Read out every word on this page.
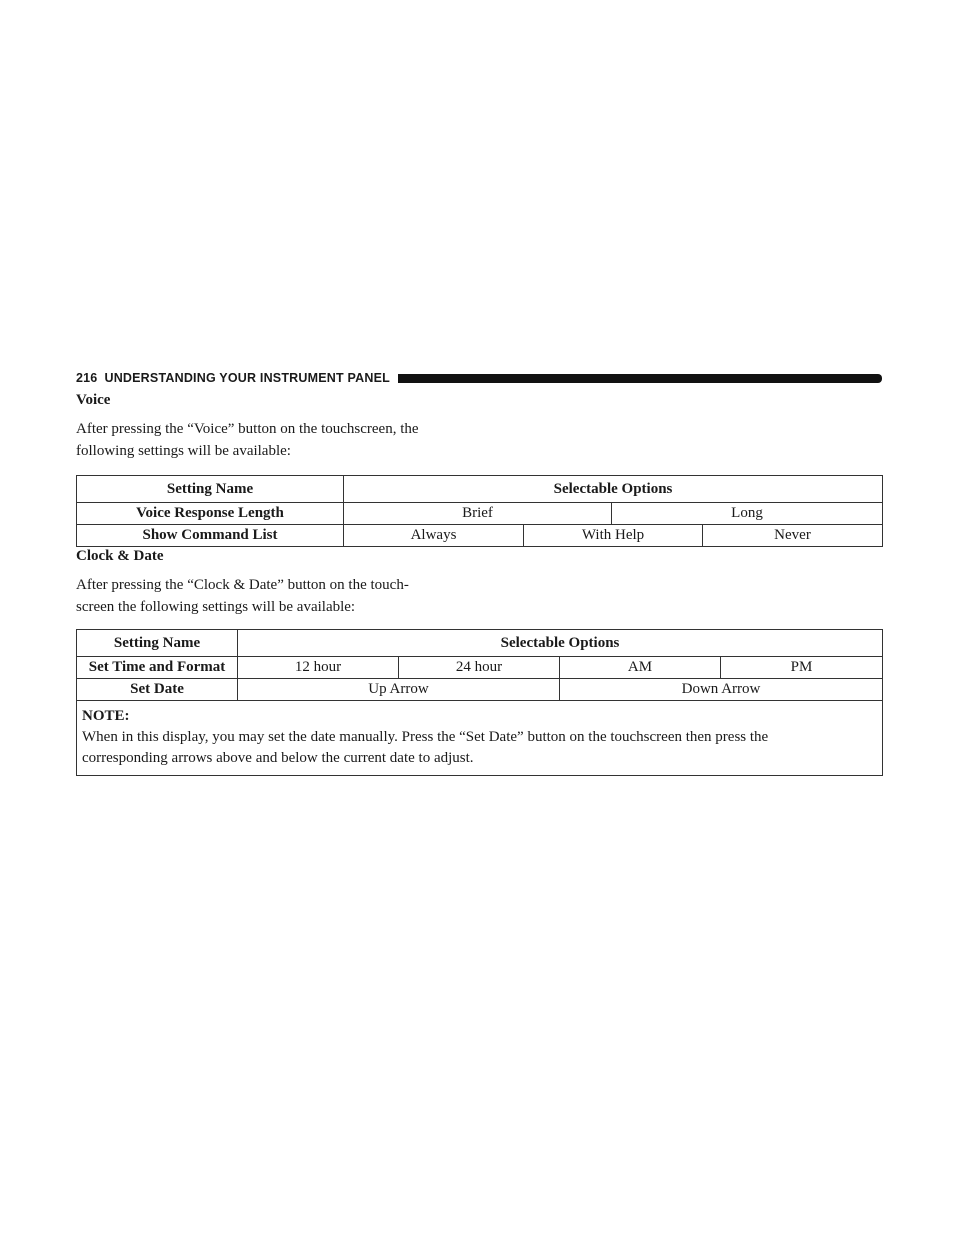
216 UNDERSTANDING YOUR INSTRUMENT PANEL
Voice
After pressing the “Voice” button on the touchscreen, the
following settings will be available:
Setting Name	Selectable Options			
Voice Response Length	Brief		Long	
Show Command List	Always	With Help		Never
Clock & Date
After pressing the “Clock & Date” button on the touch-
screen the following settings will be available:
Setting Name	Selectable Options			
Set Time and Format	12 hour	24 hour	AM	PM
Set Date	Up Arrow		Down Arrow	

NOTE:
When in this display, you may set the date manually. Press the “Set Date” button on the touchscreen then press the
corresponding arrows above and below the current date to adjust.				
